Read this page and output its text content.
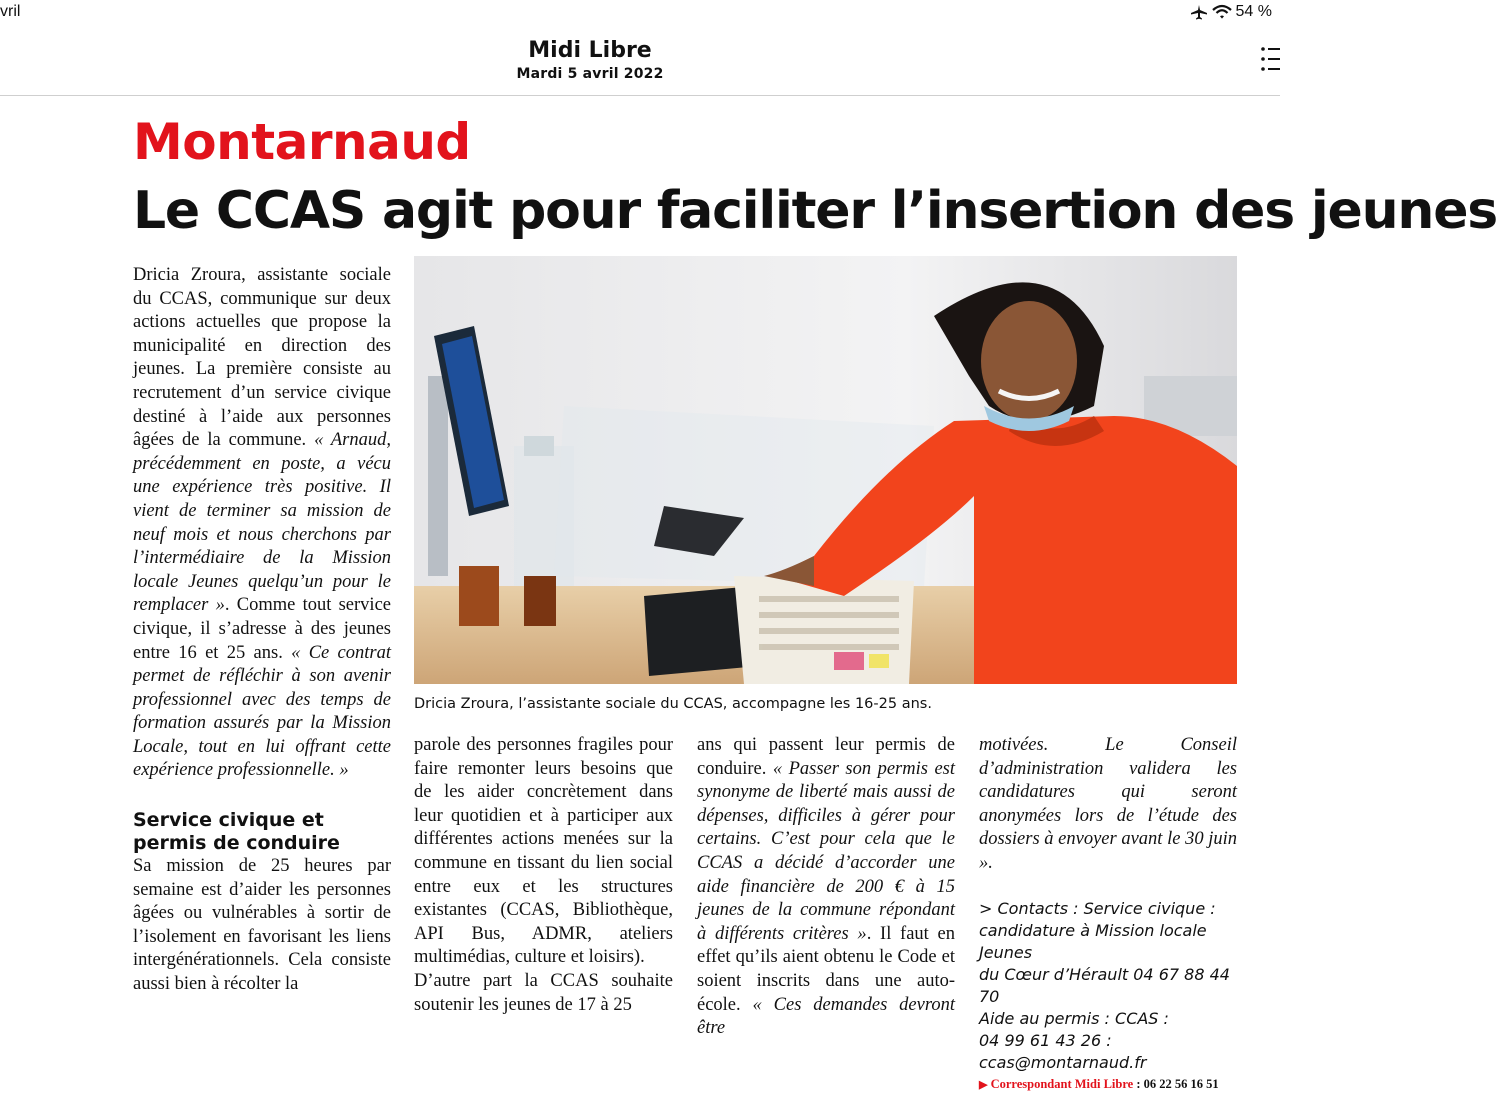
vril	54 %
Midi Libre
Mardi 5 avril 2022
Montarnaud
Le CCAS agit pour faciliter l’insertion des jeunes

Dricia Zroura, assistante sociale du CCAS, communique sur deux actions actuelles que propose la municipalité en direction des jeunes. La première consiste au recrutement d’un service civique destiné à l’aide aux personnes âgées de la commune. « Arnaud, précédemment en poste, a vécu une expérience très positive. Il vient de terminer sa mission de neuf mois et nous cherchons par l’intermédiaire de la Mission locale Jeunes quelqu’un pour le remplacer ». Comme tout service civique, il s’adresse à des jeunes entre 16 et 25 ans. « Ce contrat permet de réfléchir à son avenir professionnel avec des temps de formation assurés par la Mission Locale, tout en lui offrant cette expérience professionnelle. »

Service civique et permis de conduire

Sa mission de 25 heures par semaine est d’aider les personnes âgées ou vulnérables à sortir de l’isolement en favorisant les liens intergénérationnels. Cela consiste aussi bien à récolter la

Dricia Zroura, l’assistante sociale du CCAS, accompagne les 16-25 ans.

parole des personnes fragiles pour faire remonter leurs besoins que de les aider concrètement dans leur quotidien et à participer aux différentes actions menées sur la commune en tissant du lien social entre eux et les structures existantes (CCAS, Bibliothèque, API Bus, ADMR, ateliers multimédias, culture et loisirs).

D’autre part la CCAS souhaite soutenir les jeunes de 17 à 25

ans qui passent leur permis de conduire. « Passer son permis est synonyme de liberté mais aussi de dépenses, difficiles à gérer pour certains. C’est pour cela que le CCAS a décidé d’accorder une aide financière de 200 € à 15 jeunes de la commune répondant à différents critères ». Il faut en effet qu’ils aient obtenu le Code et soient inscrits dans une auto-école. « Ces demandes devront être

motivées. Le Conseil d’administration validera les candidatures qui seront anonymées lors de l’étude des dossiers à envoyer avant le 30 juin ».

> Contacts : Service civique :
candidature à Mission locale Jeunes
du Cœur d’Hérault 04 67 88 44 70
Aide au permis : CCAS :
04 99 61 43 26 :
ccas@montarnaud.fr
▶ Correspondant Midi Libre : 06 22 56 16 51
